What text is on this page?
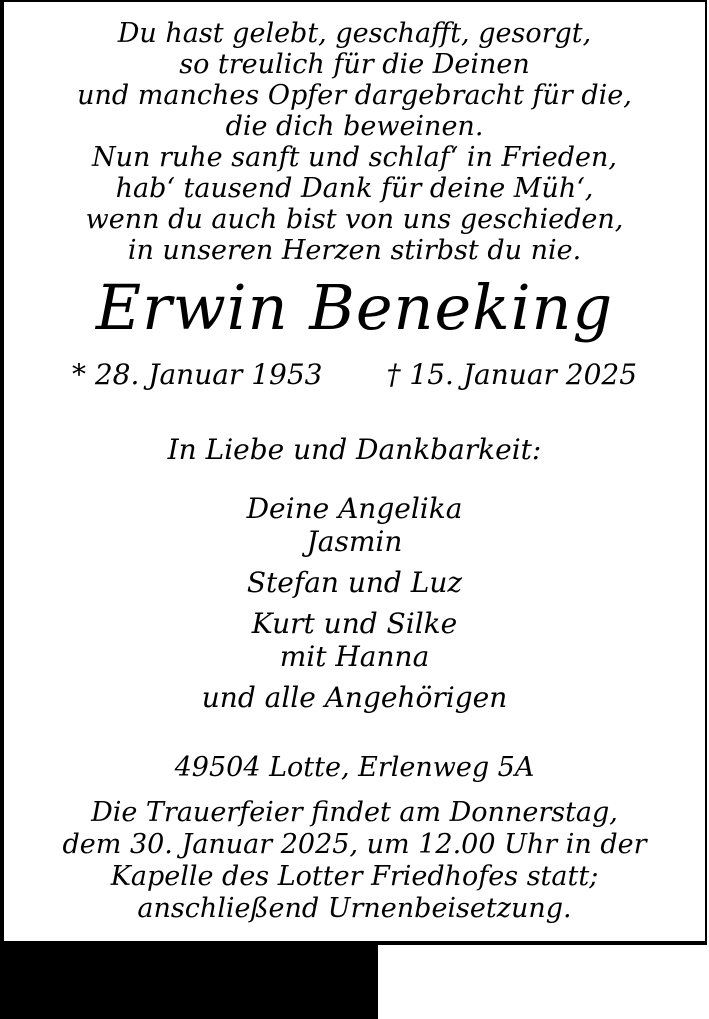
Du hast gelebt, geschafft, gesorgt,
so treulich für die Deinen
und manches Opfer dargebracht für die,
die dich beweinen.
Nun ruhe sanft und schlaf‘ in Frieden,
hab‘ tausend Dank für deine Müh‘,
wenn du auch bist von uns geschieden,
in unseren Herzen stirbst du nie.
Erwin Beneking
* 28. Januar 1953 † 15. Januar 2025
In Liebe und Dankbarkeit:
Deine Angelika
Jasmin
Stefan und Luz
Kurt und Silke
mit Hanna
und alle Angehörigen
49504 Lotte, Erlenweg 5A
Die Trauerfeier findet am Donnerstag,
dem 30. Januar 2025, um 12.00 Uhr in der
Kapelle des Lotter Friedhofes statt;
anschließend Urnenbeisetzung.
